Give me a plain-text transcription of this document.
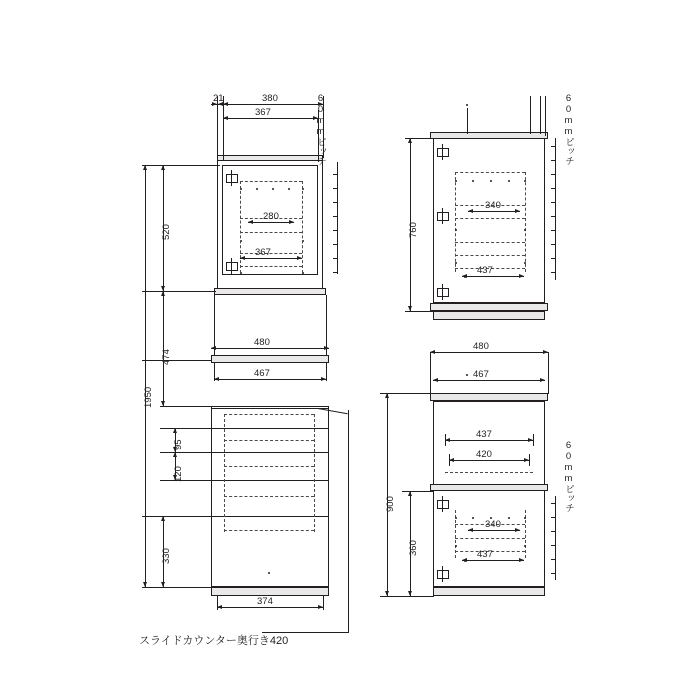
280
367
21	380
367	60mmピッチ
480
467
スライドカウンター奥行き420
374
520
474
1950
95
120
330
340
437
760
60mmピッチ
480
467
437
420
340
437
900
360
60mmピッチ
